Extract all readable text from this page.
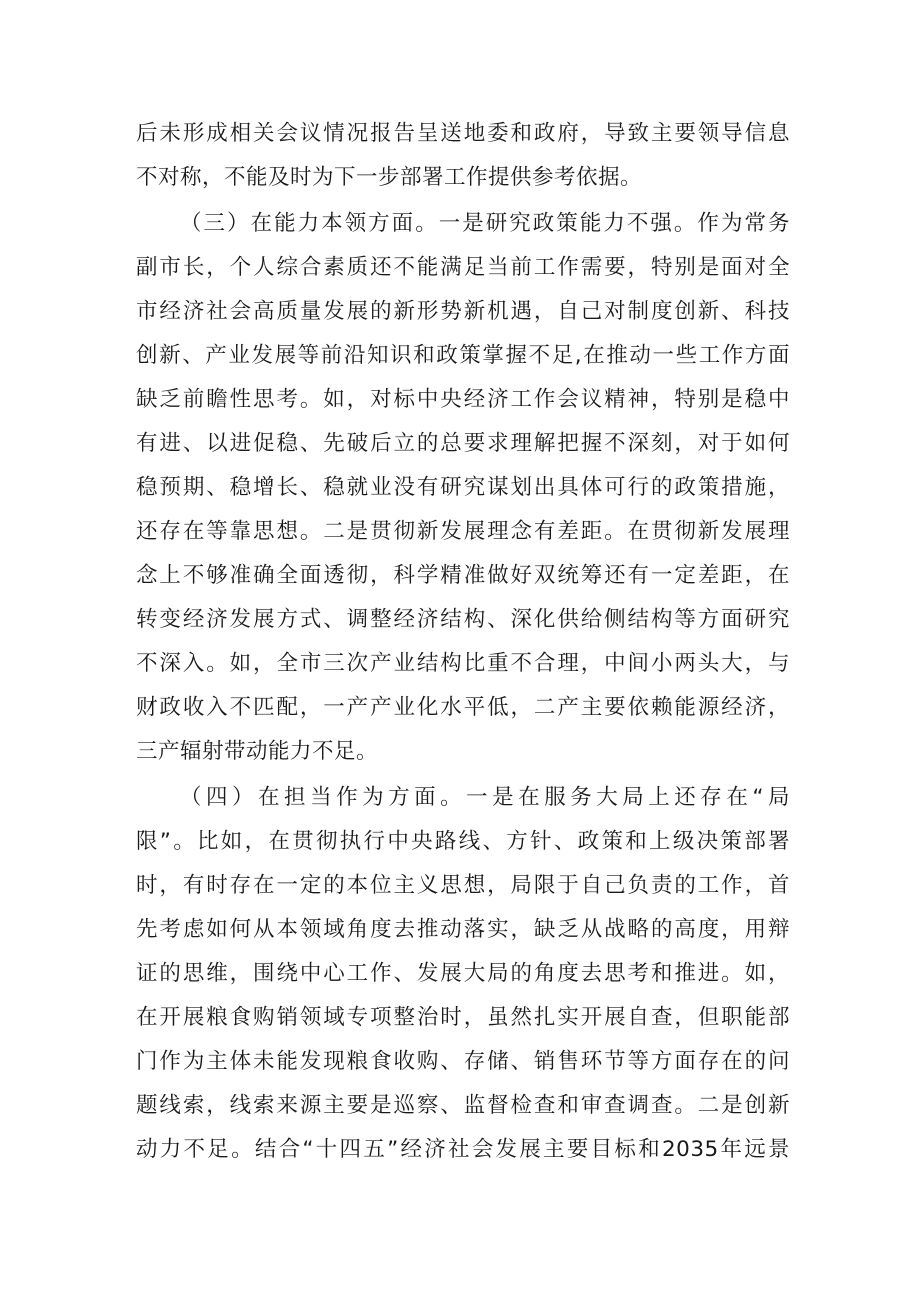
后未形成相关会议情况报告呈送地委和政府，导致主要领导信息
不对称，不能及时为下一步部署工作提供参考依据。
（三）在能力本领方面。一是研究政策能力不强。作为常务
副市长，个人综合素质还不能满足当前工作需要，特别是面对全
市经济社会高质量发展的新形势新机遇，自己对制度创新、科技
创新、产业发展等前沿知识和政策掌握不足,在推动一些工作方面
缺乏前瞻性思考。如，对标中央经济工作会议精神，特别是稳中
有进、以进促稳、先破后立的总要求理解把握不深刻，对于如何
稳预期、稳增长、稳就业没有研究谋划出具体可行的政策措施，
还存在等靠思想。二是贯彻新发展理念有差距。在贯彻新发展理
念上不够准确全面透彻，科学精准做好双统筹还有一定差距，在
转变经济发展方式、调整经济结构、深化供给侧结构等方面研究
不深入。如，全市三次产业结构比重不合理，中间小两头大，与
财政收入不匹配，一产产业化水平低，二产主要依赖能源经济，
三产辐射带动能力不足。
（四）在担当作为方面。一是在服务大局上还存在“局
限”。比如，在贯彻执行中央路线、方针、政策和上级决策部署
时，有时存在一定的本位主义思想，局限于自己负责的工作，首
先考虑如何从本领域角度去推动落实，缺乏从战略的高度，用辩
证的思维，围绕中心工作、发展大局的角度去思考和推进。如，
在开展粮食购销领域专项整治时，虽然扎实开展自查，但职能部
门作为主体未能发现粮食收购、存储、销售环节等方面存在的问
题线索，线索来源主要是巡察、监督检查和审查调查。二是创新
动力不足。结合“十四五”经济社会发展主要目标和2035年远景
